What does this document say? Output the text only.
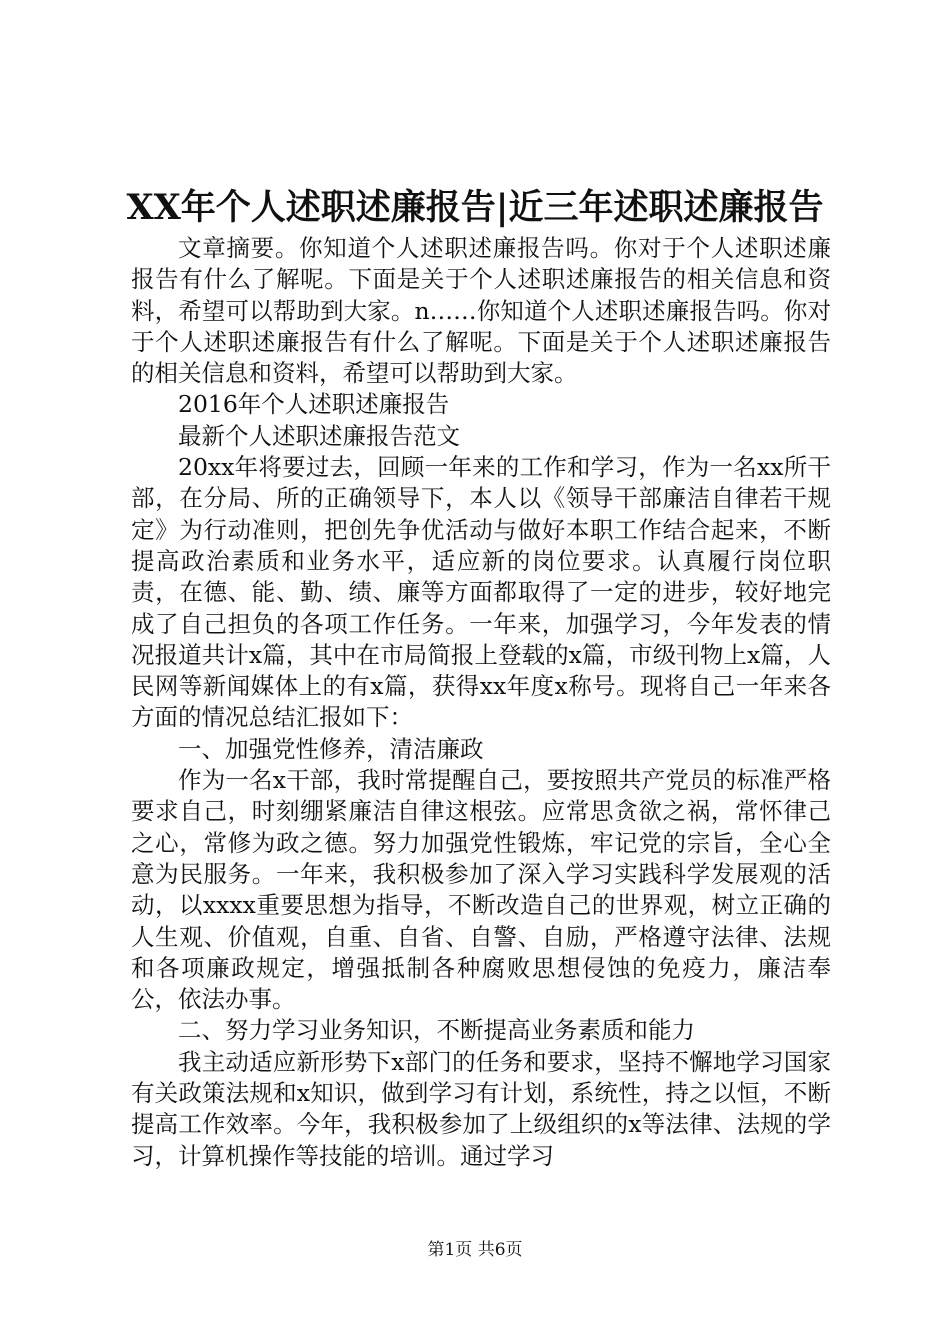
XX年个人述职述廉报告|近三年述职述廉报告

文章摘要。你知道个人述职述廉报告吗。你对于个人述职述廉报告有什么了解呢。下面是关于个人述职述廉报告的相关信息和资料，希望可以帮助到大家。n……你知道个人述职述廉报告吗。你对于个人述职述廉报告有什么了解呢。下面是关于个人述职述廉报告的相关信息和资料，希望可以帮助到大家。

2016年个人述职述廉报告

最新个人述职述廉报告范文

20xx年将要过去，回顾一年来的工作和学习，作为一名xx所干部，在分局、所的正确领导下，本人以《领导干部廉洁自律若干规定》为行动准则，把创先争优活动与做好本职工作结合起来，不断提高政治素质和业务水平，适应新的岗位要求。认真履行岗位职责，在德、能、勤、绩、廉等方面都取得了一定的进步，较好地完成了自己担负的各项工作任务。一年来，加强学习，今年发表的情况报道共计x篇，其中在市局简报上登载的x篇，市级刊物上x篇，人民网等新闻媒体上的有x篇，获得xx年度x称号。现将自己一年来各方面的情况总结汇报如下：

一、加强党性修养，清洁廉政

作为一名x干部，我时常提醒自己，要按照共产党员的标准严格要求自己，时刻绷紧廉洁自律这根弦。应常思贪欲之祸，常怀律己之心，常修为政之德。努力加强党性锻炼，牢记党的宗旨，全心全意为民服务。一年来，我积极参加了深入学习实践科学发展观的活动，以xxxx重要思想为指导，不断改造自己的世界观，树立正确的人生观、价值观，自重、自省、自警、自励，严格遵守法律、法规和各项廉政规定，增强抵制各种腐败思想侵蚀的免疫力，廉洁奉公，依法办事。

二、努力学习业务知识，不断提高业务素质和能力

我主动适应新形势下x部门的任务和要求，坚持不懈地学习国家有关政策法规和x知识，做到学习有计划，系统性，持之以恒，不断提高工作效率。今年，我积极参加了上级组织的x等法律、法规的学习，计算机操作等技能的培训。通过学习

第1页 共6页
